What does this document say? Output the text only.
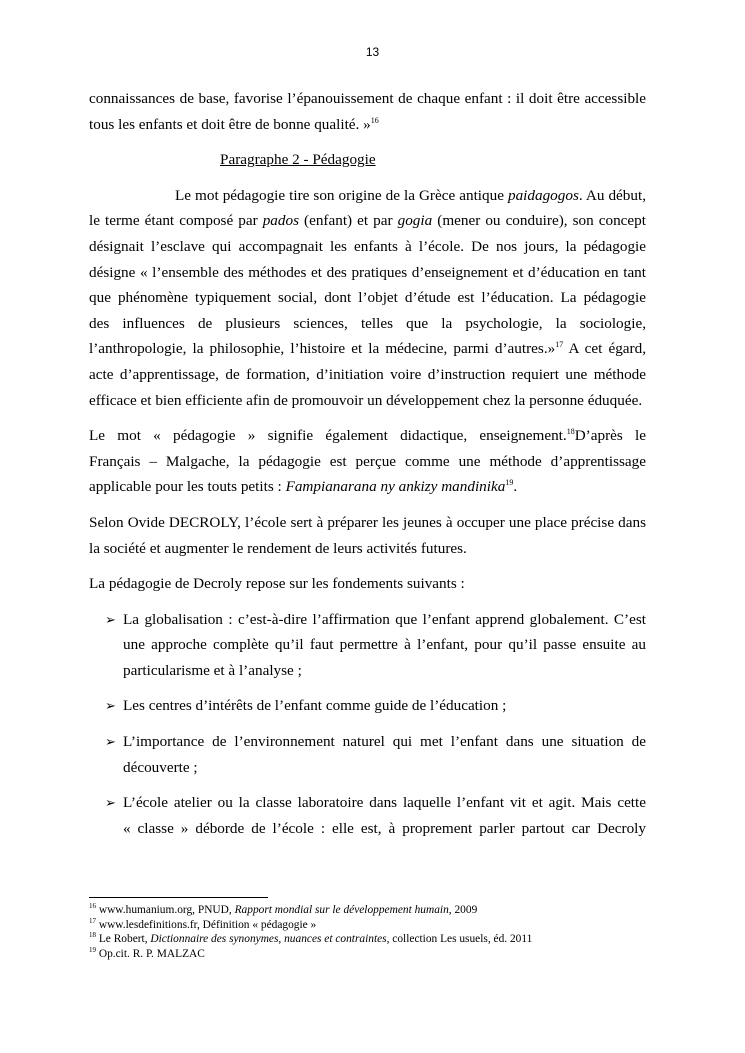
13
connaissances de base, favorise l’épanouissement de chaque enfant : il doit être accessible
tous les enfants et doit être de bonne qualité. »$^{16}$
Paragraphe 2 - Pédagogie
Le mot pédagogie tire son origine de la Grèce antique paidagogos. Au début,
le terme étant composé par pados (enfant) et par gogia (mener ou conduire), son concept
désignait l’esclave qui accompagnait les enfants à l’école. De nos jours, la pédagogie
désigne « l’ensemble des méthodes et des pratiques d’enseignement et d’éducation en tant
que phénomène typiquement social, dont l’objet d’étude est l’éducation. La pédagogie
des influences de plusieurs sciences, telles que la psychologie, la sociologie,
l’anthropologie, la philosophie, l’histoire et la médecine, parmi d’autres.»$^{17}$ A cet égard,
acte d’apprentissage, de formation, d’initiation voire d’instruction requiert une méthode
efficace et bien efficiente afin de promouvoir un développement chez la personne éduquée.
Le mot « pédagogie » signifie également didactique, enseignement.$^{18}$D’après le
Français – Malgache, la pédagogie est perçue comme une méthode d’apprentissage
applicable pour les touts petits : Fampianarana ny ankizy mandinika$^{19}$.
Selon Ovide DECROLY, l’école sert à préparer les jeunes à occuper une place précise dans
la société et augmenter le rendement de leurs activités futures.
La pédagogie de Decroly repose sur les fondements suivants :
➢ La globalisation : c’est-à-dire l’affirmation que l’enfant apprend globalement. C’est
une approche complète qu’il faut permettre à l’enfant, pour qu’il passe ensuite au
particularisme et à l’analyse ;
➢ Les centres d’intérêts de l’enfant comme guide de l’éducation ;
➢ L’importance de l’environnement naturel qui met l’enfant dans une situation de
découverte ;
➢ L’école atelier ou la classe laboratoire dans laquelle l’enfant vit et agit. Mais cette
« classe » déborde de l’école : elle est, à proprement parler partout car Decroly
$^{16}$ www.humanium.org, PNUD, Rapport mondial sur le développement humain, 2009
$^{17}$ www.lesdefinitions.fr, Définition « pédagogie »
$^{18}$ Le Robert, Dictionnaire des synonymes, nuances et contraintes, collection Les usuels, éd. 2011
$^{19}$ Op.cit. R. P. MALZAC
